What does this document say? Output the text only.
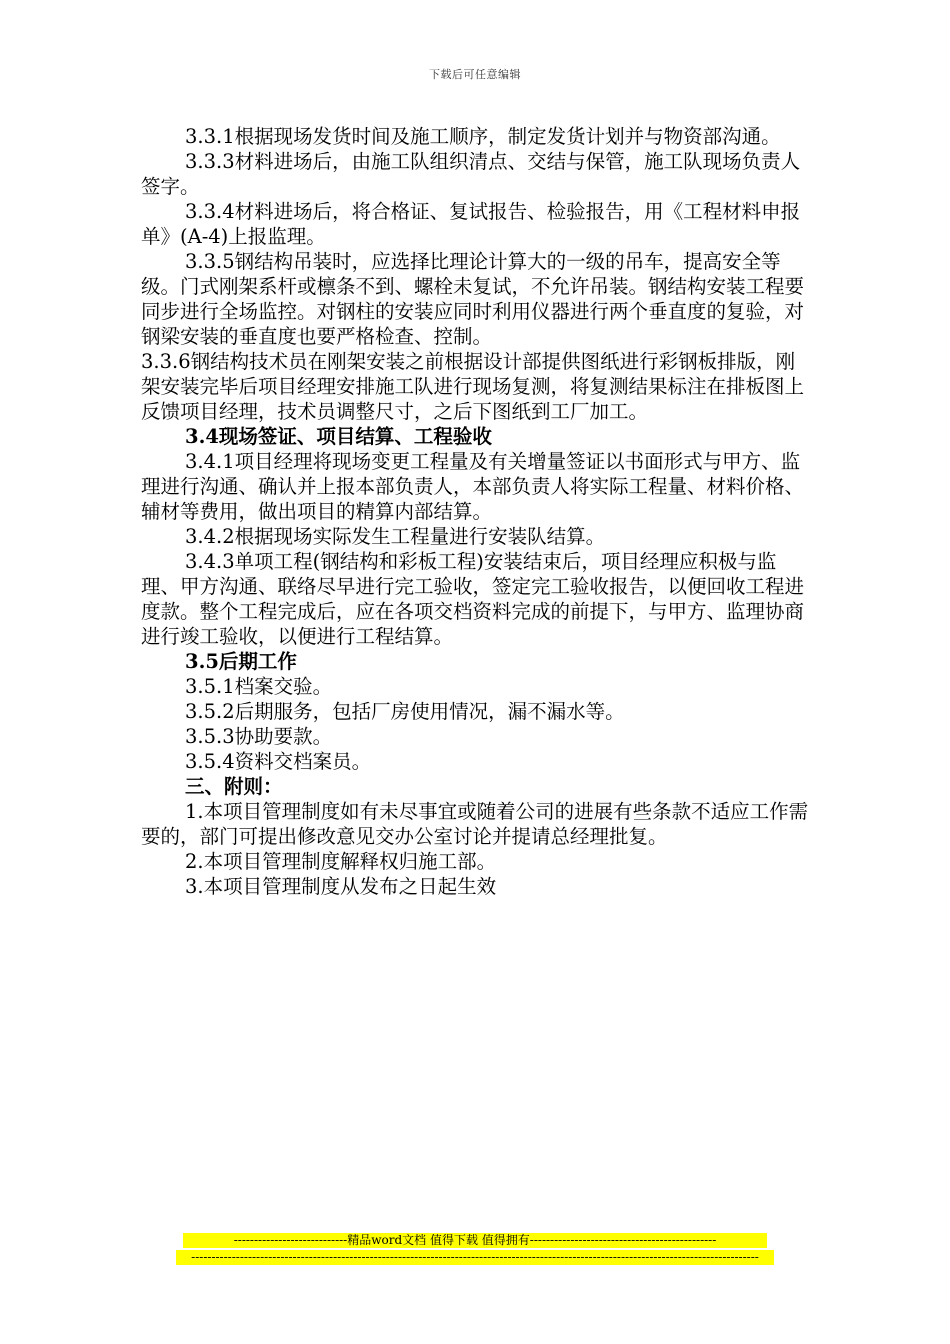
下载后可任意编辑

3.3.1根据现场发货时间及施工顺序，制定发货计划并与物资部沟通。

3.3.3材料进场后，由施工队组织清点、交结与保管，施工队现场负责人签字。

3.3.4材料进场后，将合格证、复试报告、检验报告，用《工程材料申报单》(A-4)上报监理。

3.3.5钢结构吊装时，应选择比理论计算大的一级的吊车，提高安全等级。门式刚架系杆或檩条不到、螺栓未复试，不允许吊装。钢结构安装工程要同步进行全场监控。对钢柱的安装应同时利用仪器进行两个垂直度的复验，对钢梁安装的垂直度也要严格检查、控制。

3.3.6钢结构技术员在刚架安装之前根据设计部提供图纸进行彩钢板排版，刚架安装完毕后项目经理安排施工队进行现场复测，将复测结果标注在排板图上反馈项目经理，技术员调整尺寸，之后下图纸到工厂加工。

3.4现场签证、项目结算、工程验收

3.4.1项目经理将现场变更工程量及有关增量签证以书面形式与甲方、监理进行沟通、确认并上报本部负责人，本部负责人将实际工程量、材料价格、辅材等费用，做出项目的精算内部结算。

3.4.2根据现场实际发生工程量进行安装队结算。

3.4.3单项工程(钢结构和彩板工程)安装结束后，项目经理应积极与监理、甲方沟通、联络尽早进行完工验收，签定完工验收报告，以便回收工程进度款。整个工程完成后，应在各项交档资料完成的前提下，与甲方、监理协商进行竣工验收，以便进行工程结算。

3.5后期工作

3.5.1档案交验。

3.5.2后期服务，包括厂房使用情况，漏不漏水等。

3.5.3协助要款。

3.5.4资料交档案员。

三、附则：

1.本项目管理制度如有未尽事宜或随着公司的进展有些条款不适应工作需要的，部门可提出修改意见交办公室讨论并提请总经理批复。

2.本项目管理制度解释权归施工部。

3.本项目管理制度从发布之日起生效

----------------------------精品word文档 值得下载 值得拥有----------------------------------------------
--------------------------------------------------------------------------------------------------------------------------------------------
